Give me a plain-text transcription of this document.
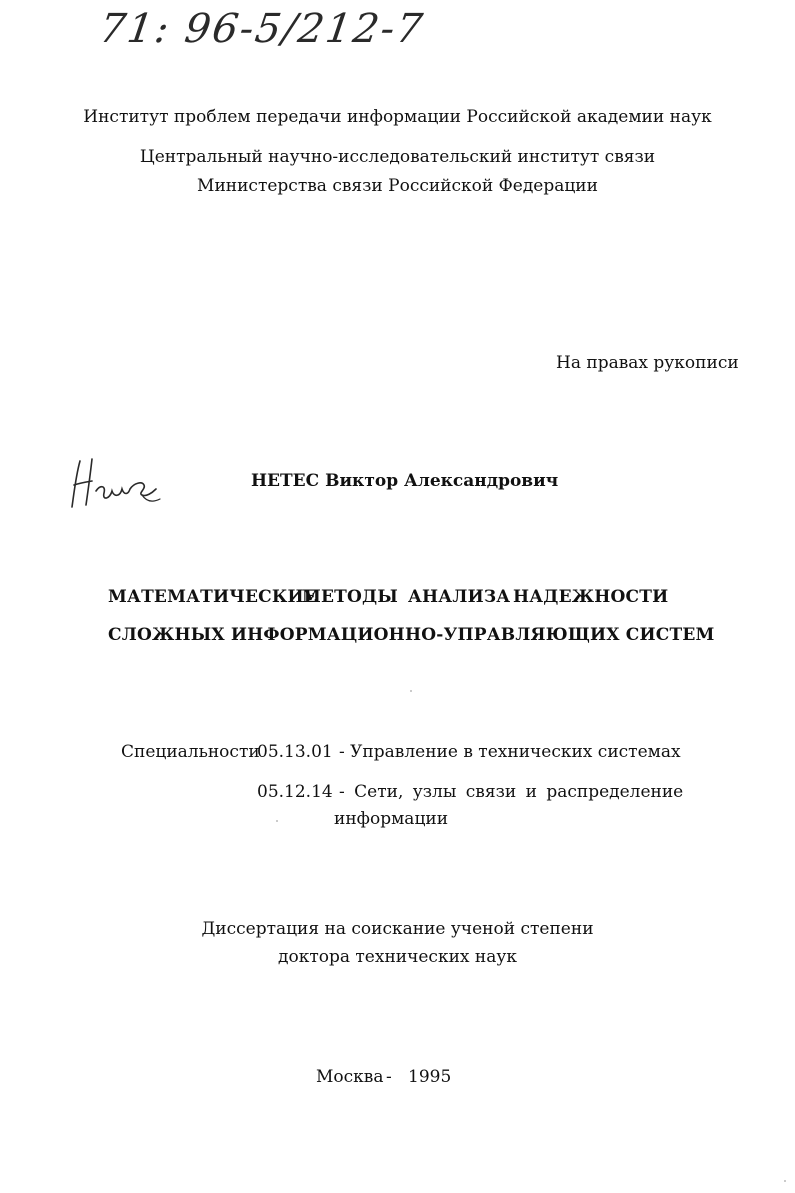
71: 96-5/212-7
Институт проблем передачи информации Российской академии наук
Центральный научно-исследовательский институт связи
Министерства связи Российской Федерации
На правах рукописи
НЕТЕС Виктор Александрович
МАТЕМАТИЧЕСКИЕ
МЕТОДЫ АНАЛИЗА НАДЕЖНОСТИ
СЛОЖНЫХ ИНФОРМАЦИОННО-УПРАВЛЯЮЩИХ СИСТЕМ
Специальности
05.13.01 - Управление в технических системах
05.12.14 - Сети, узлы связи и распределение
информации
Диссертация на соискание ученой степени
доктора технических наук
Москва - 1995
